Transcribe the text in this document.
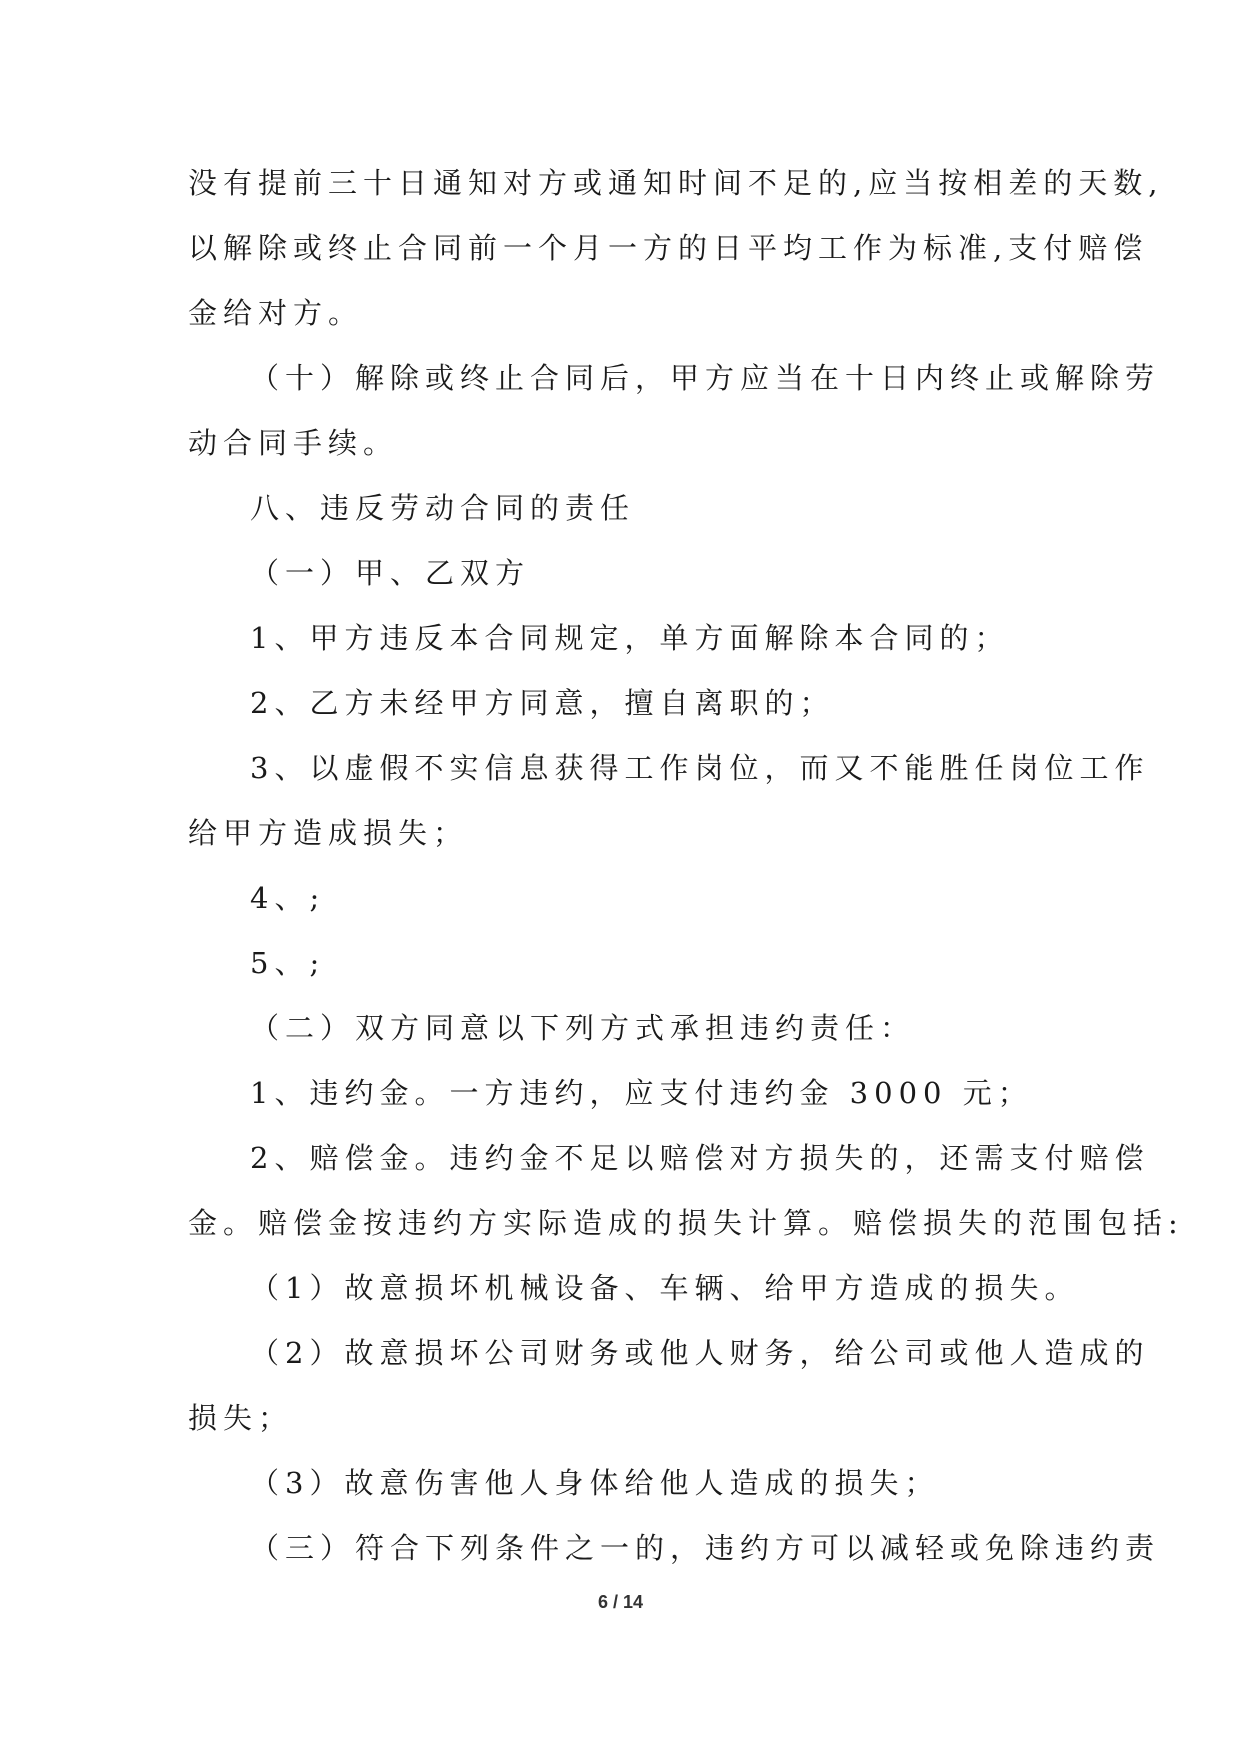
没有提前三十日通知对方或通知时间不足的,应当按相差的天数,
以解除或终止合同前一个月一方的日平均工作为标准,支付赔偿
金给对方。
（十）解除或终止合同后，甲方应当在十日内终止或解除劳
动合同手续。
八、违反劳动合同的责任
（一）甲、乙双方
1、甲方违反本合同规定，单方面解除本合同的；
2、乙方未经甲方同意，擅自离职的；
3、以虚假不实信息获得工作岗位，而又不能胜任岗位工作
给甲方造成损失；
4、;
5、;
（二）双方同意以下列方式承担违约责任：
1、违约金。一方违约，应支付违约金 3000 元；
2、赔偿金。违约金不足以赔偿对方损失的，还需支付赔偿
金。赔偿金按违约方实际造成的损失计算。赔偿损失的范围包括:
（1）故意损坏机械设备、车辆、给甲方造成的损失。
（2）故意损坏公司财务或他人财务，给公司或他人造成的
损失；
（3）故意伤害他人身体给他人造成的损失；
（三）符合下列条件之一的，违约方可以减轻或免除违约责
6 / 14
